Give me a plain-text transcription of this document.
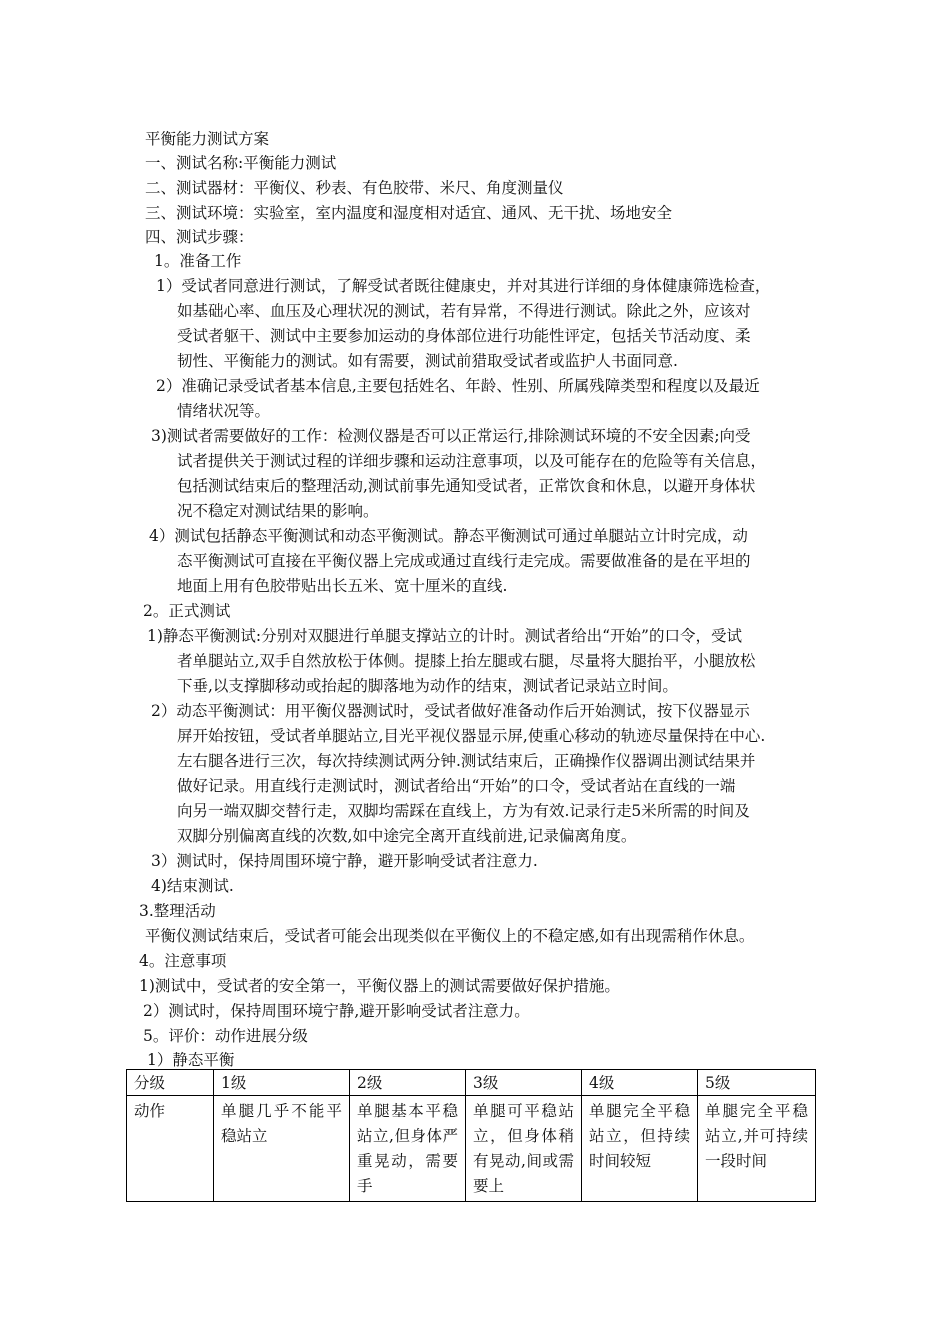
平衡能力测试方案
一、测试名称:平衡能力测试
二、测试器材：平衡仪、秒表、有色胶带、米尺、角度测量仪
三、测试环境：实验室，室内温度和湿度相对适宜、通风、无干扰、场地安全
四、测试步骤：
1。准备工作
1）受试者同意进行测试，了解受试者既往健康史，并对其进行详细的身体健康筛选检查，
如基础心率、血压及心理状况的测试，若有异常，不得进行测试。除此之外，应该对
受试者躯干、测试中主要参加运动的身体部位进行功能性评定，包括关节活动度、柔
韧性、平衡能力的测试。如有需要，测试前猎取受试者或监护人书面同意.
2）准确记录受试者基本信息,主要包括姓名、年龄、性别、所属残障类型和程度以及最近
情绪状况等。
3)测试者需要做好的工作：检测仪器是否可以正常运行,排除测试环境的不安全因素;向受
试者提供关于测试过程的详细步骤和运动注意事项，以及可能存在的危险等有关信息，
包括测试结束后的整理活动,测试前事先通知受试者，正常饮食和休息，以避开身体状
况不稳定对测试结果的影响。
4）测试包括静态平衡测试和动态平衡测试。静态平衡测试可通过单腿站立计时完成，动
态平衡测试可直接在平衡仪器上完成或通过直线行走完成。需要做准备的是在平坦的
地面上用有色胶带贴出长五米、宽十厘米的直线.
2。正式测试
1)静态平衡测试:分别对双腿进行单腿支撑站立的计时。测试者给出“开始”的口令，受试
者单腿站立,双手自然放松于体侧。提膝上抬左腿或右腿，尽量将大腿抬平，小腿放松
下垂,以支撑脚移动或抬起的脚落地为动作的结束，测试者记录站立时间。
2）动态平衡测试：用平衡仪器测试时，受试者做好准备动作后开始测试，按下仪器显示
屏开始按钮，受试者单腿站立,目光平视仪器显示屏,使重心移动的轨迹尽量保持在中心.
左右腿各进行三次，每次持续测试两分钟.测试结束后，正确操作仪器调出测试结果并
做好记录。用直线行走测试时，测试者给出“开始”的口令，受试者站在直线的一端
向另一端双脚交替行走，双脚均需踩在直线上，方为有效.记录行走5米所需的时间及
双脚分别偏离直线的次数,如中途完全离开直线前进,记录偏离角度。
3）测试时，保持周围环境宁静，避开影响受试者注意力.
4)结束测试.
3.整理活动
平衡仪测试结束后，受试者可能会出现类似在平衡仪上的不稳定感,如有出现需稍作休息。
4。注意事项
1)测试中，受试者的安全第一，平衡仪器上的测试需要做好保护措施。
2）测试时，保持周围环境宁静,避开影响受试者注意力。
5。评价：动作进展分级
1）静态平衡
分级	1级	2级	3级	4级	5级
动作	单腿几乎不能平稳站立	单腿基本平稳站立,但身体严重晃动，需要手	单腿可平稳站立，但身体稍有晃动,间或需要上	单腿完全平稳站立，但持续时间较短	单腿完全平稳站立,并可持续一段时间
